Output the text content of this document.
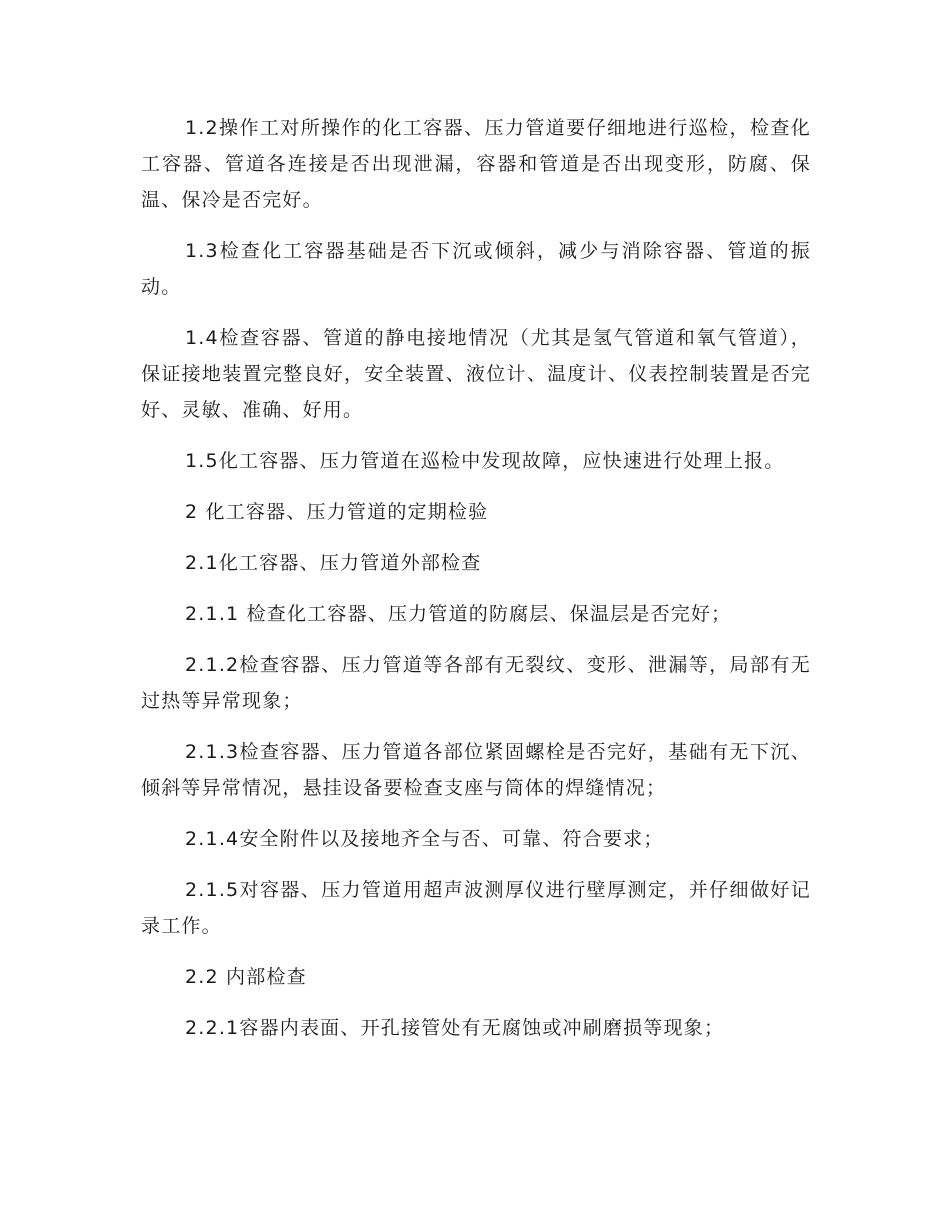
1.2操作工对所操作的化工容器、压力管道要仔细地进行巡检，检查化工容器、管道各连接是否出现泄漏，容器和管道是否出现变形，防腐、保温、保冷是否完好。

1.3检查化工容器基础是否下沉或倾斜，减少与消除容器、管道的振动。

1.4检查容器、管道的静电接地情况（尤其是氢气管道和氧气管道），保证接地装置完整良好，安全装置、液位计、温度计、仪表控制装置是否完好、灵敏、准确、好用。

1.5化工容器、压力管道在巡检中发现故障，应快速进行处理上报。

2 化工容器、压力管道的定期检验

2.1化工容器、压力管道外部检查

2.1.1 检查化工容器、压力管道的防腐层、保温层是否完好；

2.1.2检查容器、压力管道等各部有无裂纹、变形、泄漏等，局部有无过热等异常现象；

2.1.3检查容器、压力管道各部位紧固螺栓是否完好，基础有无下沉、倾斜等异常情况，悬挂设备要检查支座与筒体的焊缝情况；

2.1.4安全附件以及接地齐全与否、可靠、符合要求；

2.1.5对容器、压力管道用超声波测厚仪进行壁厚测定，并仔细做好记录工作。

2.2 内部检查

2.2.1容器内表面、开孔接管处有无腐蚀或冲刷磨损等现象；
